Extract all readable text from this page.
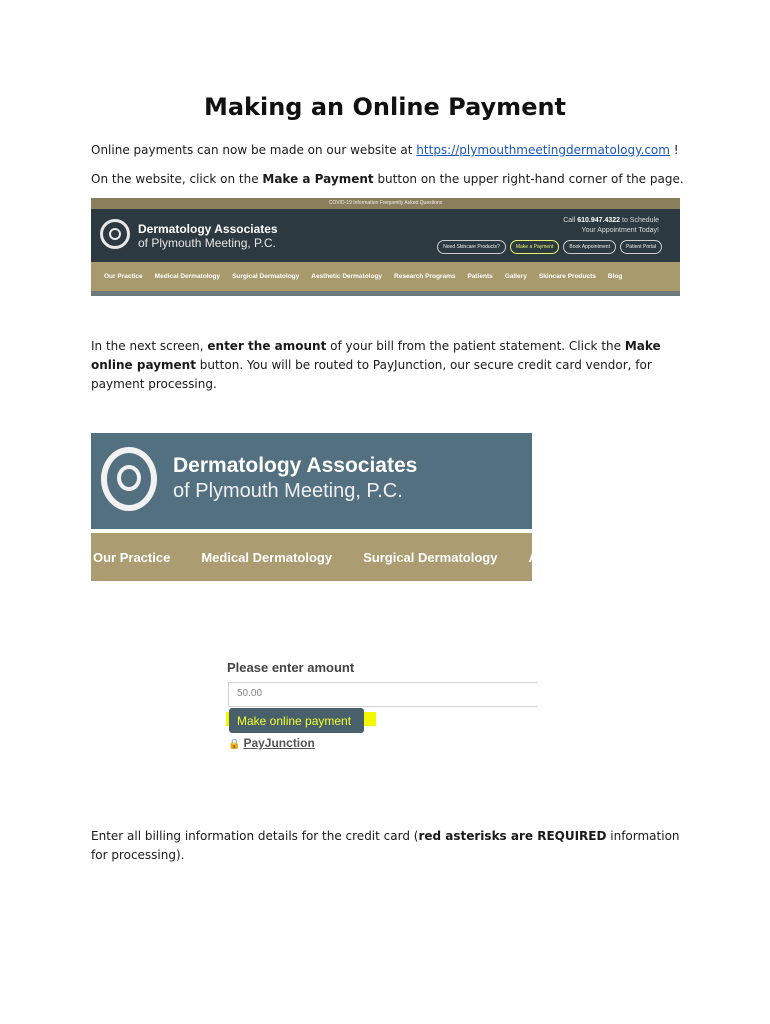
Making an Online Payment
Online payments can now be made on our website at https://plymouthmeetingdermatology.com !
On the website, click on the Make a Payment button on the upper right-hand corner of the page.
COVID-19 Information Frequently Asked Questions
Dermatology Associates
of Plymouth Meeting, P.C.
Call 610.947.4322 to Schedule
Your Appointment Today!
Need Skincare Products?	Make a Payment	Book Appointment	Patient Portal
Our Practice Medical Dermatology Surgical Dermatology Aesthetic Dermatology Research Programs Patients Gallery Skincare Products Blog
In the next screen, enter the amount of your bill from the patient statement. Click the Make online payment button. You will be routed to PayJunction, our secure credit card vendor, for payment processing.
Dermatology Associates
of Plymouth Meeting, P.C.
Our Practice Medical Dermatology Surgical Dermatology Aesth
Please enter amount
50.00
Make online payment
🔒 PayJunction
Enter all billing information details for the credit card (red asterisks are REQUIRED information for processing).
